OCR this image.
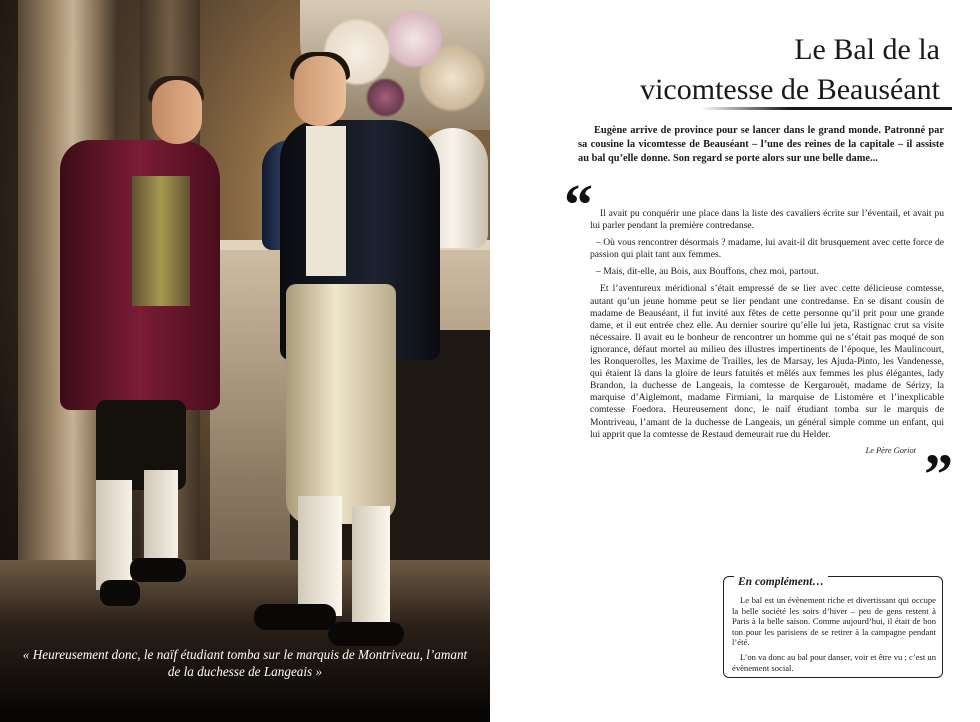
« Heureusement donc, le naïf étudiant tomba sur le marquis de Montriveau, l’amant de la duchesse de Langeais »
Le Bal de la
vicomtesse de Beauséant
Eugène arrive de province pour se lancer dans le grand monde. Patronné par sa cousine la vicomtesse de Beauséant – l’une des reines de la capitale – il assiste au bal qu’elle donne. Son regard se porte alors sur une belle dame...
“ Il avait pu conquérir une place dans la liste des cavaliers écrite sur l’éventail, et avait pu lui parler pendant la première contredanse.

– Où vous rencontrer désormais ? madame, lui avait-il dit brusquement avec cette force de passion qui plait tant aux femmes.

– Mais, dit-elle, au Bois, aux Bouffons, chez moi, partout.

Et l’aventureux méridional s’était empressé de se lier avec cette délicieuse comtesse, autant qu’un jeune homme peut se lier pendant une contredanse. En se disant cousin de madame de Beauséant, il fut invité aux fêtes de cette personne qu’il prit pour une grande dame, et il eut entrée chez elle. Au dernier sourire qu’elle lui jeta, Rastignac crut sa visite nécessaire. Il avait eu le bonheur de rencontrer un homme qui ne s’était pas moqué de son ignorance, défaut mortel au milieu des illustres impertinents de l’époque, les Maulincourt, les Ronquerolles, les Maxime de Trailles, les de Marsay, les Ajuda-Pinto, les Vandenesse, qui étaient là dans la gloire de leurs fatuités et mêlés aux femmes les plus élégantes, lady Brandon, la duchesse de Langeais, la comtesse de Kergarouët, madame de Sérizy, la marquise d’Aiglemont, madame Firmiani, la marquise de Listomère et l’inexplicable comtesse Foedora. Heureusement donc, le naïf étudiant tomba sur le marquis de Montriveau, l’amant de la duchesse de Langeais, un général simple comme un enfant, qui lui apprit que la comtesse de Restaud demeurait rue du Helder.

Le Père Goriot ”
En complément…

Le bal est un évènement riche et divertissant qui occupe la belle société les soirs d’hiver – peu de gens restent à Paris à la belle saison. Comme aujourd’hui, il était de bon ton pour les parisiens de se retirer à la campagne pendant l’été.

L’on va donc au bal pour danser, voir et être vu ; c’est un évènement social.
